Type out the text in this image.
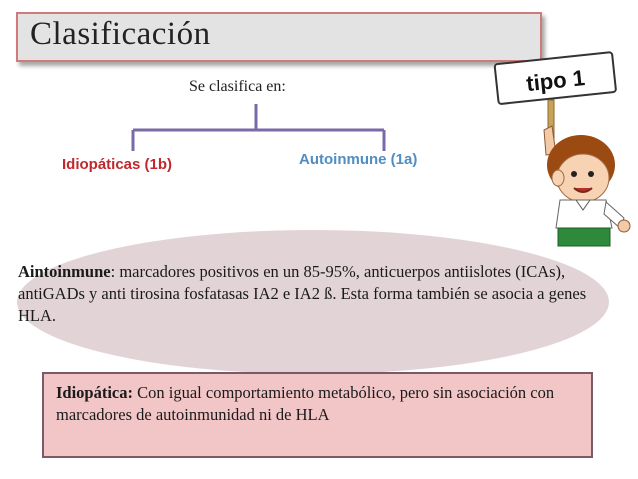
Clasificación
Se clasifica en:
Idiopáticas (1b)	Autoinmune (1a)
tipo 1
Aintoinmune: marcadores positivos en un 85-95%, anticuerpos antiislotes (ICAs), antiGADs y anti tirosina fosfatasas IA2 e IA2 ß. Esta forma también se asocia a genes HLA.
Idiopática: Con igual comportamiento metabólico, pero sin asociación con marcadores de autoinmunidad ni de HLA
